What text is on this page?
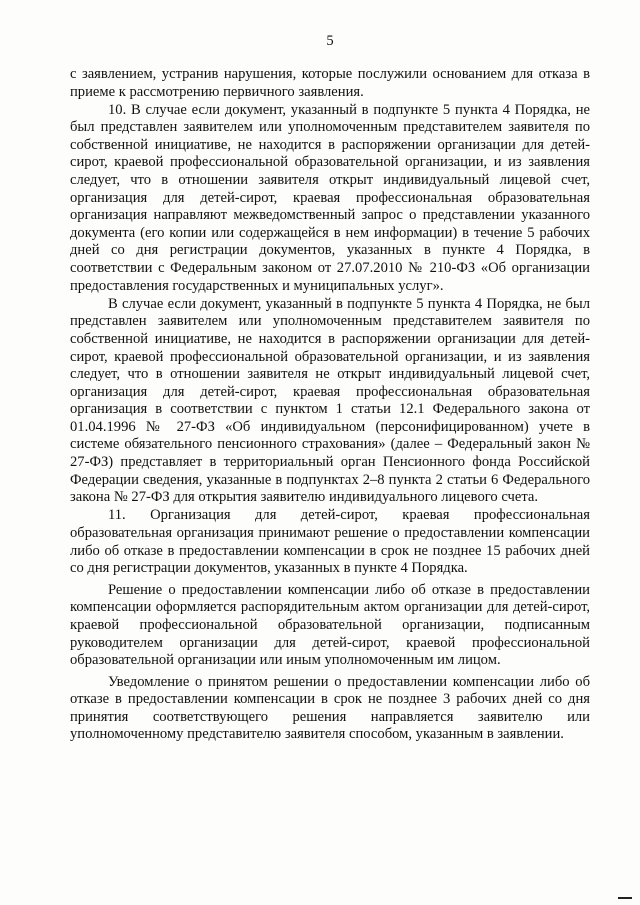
5

с заявлением, устранив нарушения, которые послужили основанием для отказа в приеме к рассмотрению первичного заявления.

10. В случае если документ, указанный в подпункте 5 пункта 4 Порядка, не был представлен заявителем или уполномоченным представителем заявителя по собственной инициативе, не находится в распоряжении организации для детей-сирот, краевой профессиональной образовательной организации, и из заявления следует, что в отношении заявителя открыт индивидуальный лицевой счет, организация для детей-сирот, краевая профессиональная образовательная организация направляют межведомственный запрос о представлении указанного документа (его копии или содержащейся в нем информации) в течение 5 рабочих дней со дня регистрации документов, указанных в пункте 4 Порядка, в соответствии с Федеральным законом от 27.07.2010 № 210-ФЗ «Об организации предоставления государственных и муниципальных услуг».

В случае если документ, указанный в подпункте 5 пункта 4 Порядка, не был представлен заявителем или уполномоченным представителем заявителя по собственной инициативе, не находится в распоряжении организации для детей-сирот, краевой профессиональной образовательной организации, и из заявления следует, что в отношении заявителя не открыт индивидуальный лицевой счет, организация для детей-сирот, краевая профессиональная образовательная организация в соответствии с пунктом 1 статьи 12.1 Федерального закона от 01.04.1996 № 27-ФЗ «Об индивидуальном (персонифицированном) учете в системе обязательного пенсионного страхования» (далее – Федеральный закон № 27-ФЗ) представляет в территориальный орган Пенсионного фонда Российской Федерации сведения, указанные в подпунктах 2–8 пункта 2 статьи 6 Федерального закона № 27-ФЗ для открытия заявителю индивидуального лицевого счета.

11. Организация для детей-сирот, краевая профессиональная образовательная организация принимают решение о предоставлении компенсации либо об отказе в предоставлении компенсации в срок не позднее 15 рабочих дней со дня регистрации документов, указанных в пункте 4 Порядка.

Решение о предоставлении компенсации либо об отказе в предоставлении компенсации оформляется распорядительным актом организации для детей-сирот, краевой профессиональной образовательной организации, подписанным руководителем организации для детей-сирот, краевой профессиональной образовательной организации или иным уполномоченным им лицом.

Уведомление о принятом решении о предоставлении компенсации либо об отказе в предоставлении компенсации в срок не позднее 3 рабочих дней со дня принятия соответствующего решения направляется заявителю или уполномоченному представителю заявителя способом, указанным в заявлении.
